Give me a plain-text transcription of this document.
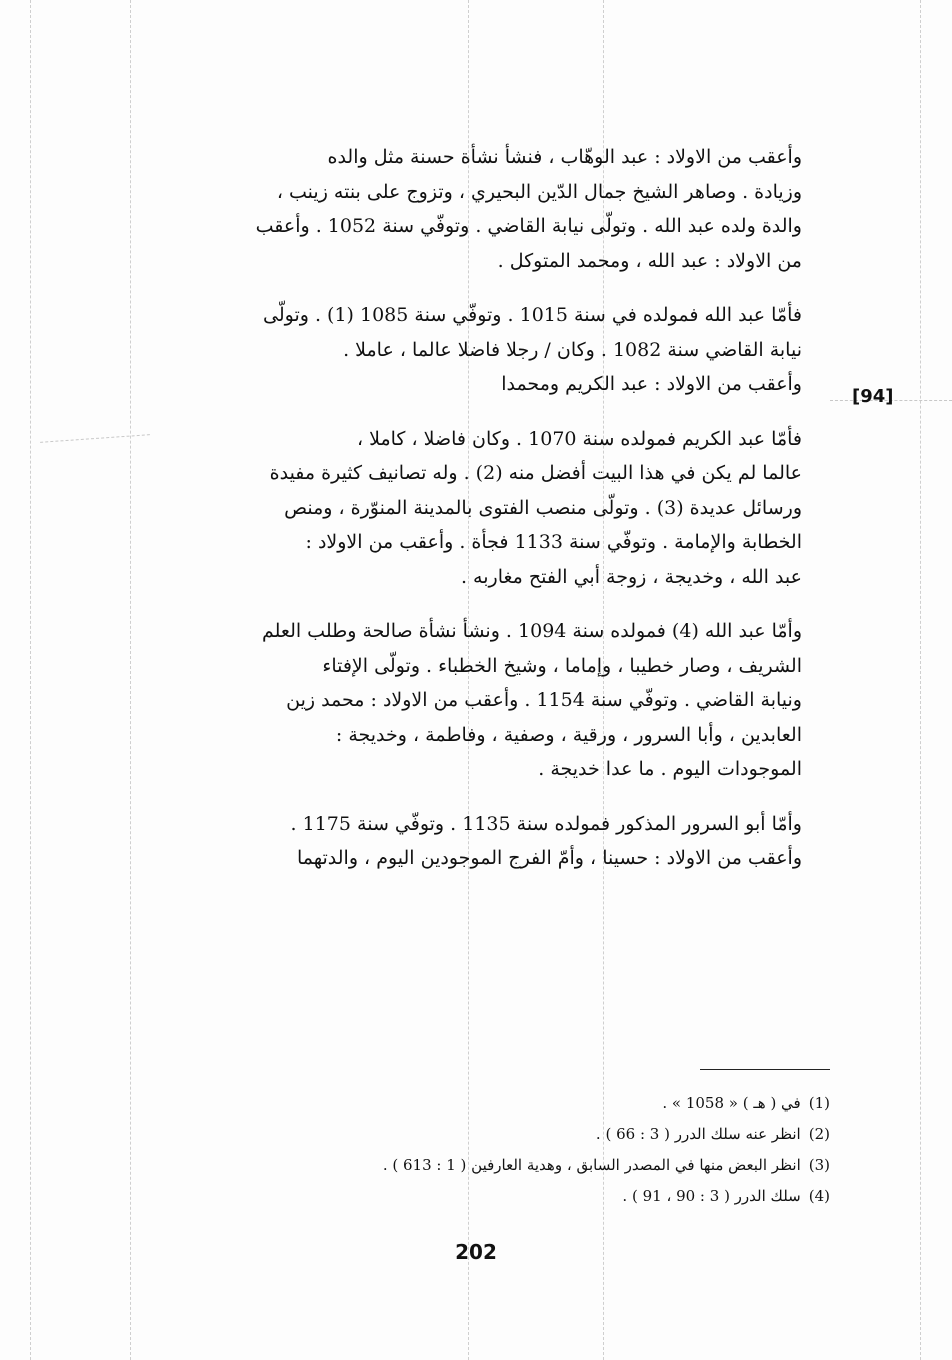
[94]

وأعقب من الاولاد : عبد الوهّاب ، فنشأ نشأة حسنة مثل والده
وزيادة . وصاهر الشيخ جمال الدّين البحيري ، وتزوج على بنته زينب ،
والدة ولده عبد الله . وتولّى نيابة القاضي . وتوفّي سنة 1052 . وأعقب
من الاولاد : عبد الله ، ومحمد المتوكل .

فأمّا عبد الله فمولده في سنة 1015 . وتوفّي سنة 1085 (1) . وتولّى
نيابة القاضي سنة 1082 . وكان / رجلا فاضلا عالما ، عاملا .
وأعقب من الاولاد : عبد الكريم ومحمدا

فأمّا عبد الكريم فمولده سنة 1070 . وكان فاضلا ، كاملا ،
عالما لم يكن في هذا البيت أفضل منه (2) . وله تصانيف كثيرة مفيدة
ورسائل عديدة (3) . وتولّى منصب الفتوى بالمدينة المنوّرة ، ومنص
الخطابة والإمامة . وتوفّي سنة 1133 فجأة . وأعقب من الاولاد :
عبد الله ، وخديجة ، زوجة أبي الفتح مغاربه .

وأمّا عبد الله (4) فمولده سنة 1094 . ونشأ نشأة صالحة وطلب العلم
الشريف ، وصار خطيبا ، وإماما ، وشيخ الخطباء . وتولّى الإفتاء
ونيابة القاضي . وتوفّي سنة 1154 . وأعقب من الاولاد : محمد زين
العابدين ، وأبا السرور ، ورقية ، وصفية ، وفاطمة ، وخديجة :
الموجودات اليوم . ما عدا خديجة .

وأمّا أبو السرور المذكور فمولده سنة 1135 . وتوفّي سنة 1175 .
وأعقب من الاولاد : حسينا ، وأمّ الفرج الموجودين اليوم ، والدتهما

(1)في ( هـ ) « 1058 » .
(2)انظر عنه سلك الدرر ( 3 : 66 ) .
(3)انظر البعض منها في المصدر السابق ، وهدية العارفين ( 1 : 613 ) .
(4)سلك الدرر ( 3 : 90 ، 91 ) .
202
